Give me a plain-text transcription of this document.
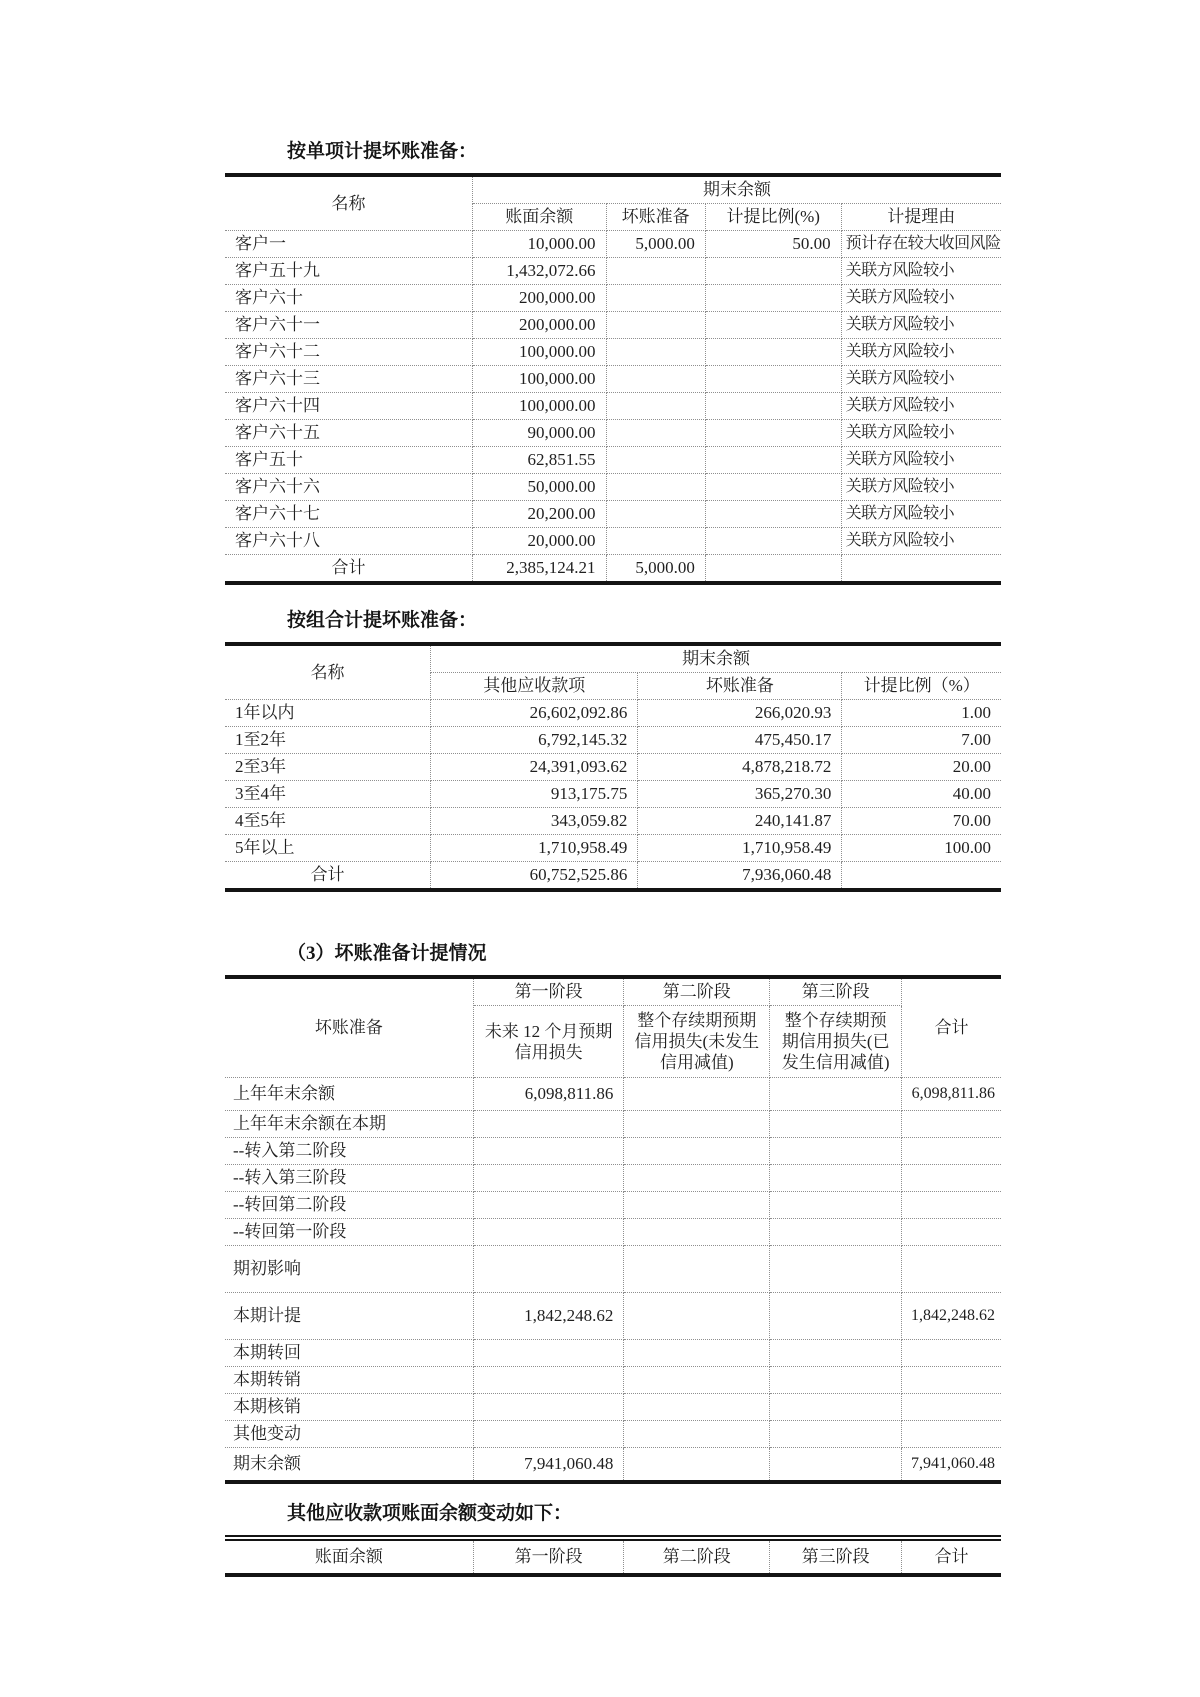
按单项计提坏账准备：
名称	期末余额			
	账面余额	坏账准备	计提比例(%)	计提理由
客户一	10,000.00	5,000.00	50.00	预计存在较大收回风险
客户五十九	1,432,072.66			关联方风险较小
客户六十	200,000.00			关联方风险较小
客户六十一	200,000.00			关联方风险较小
客户六十二	100,000.00			关联方风险较小
客户六十三	100,000.00			关联方风险较小
客户六十四	100,000.00			关联方风险较小
客户六十五	90,000.00			关联方风险较小
客户五十	62,851.55			关联方风险较小
客户六十六	50,000.00			关联方风险较小
客户六十七	20,200.00			关联方风险较小
客户六十八	20,000.00			关联方风险较小
合计	2,385,124.21	5,000.00		
按组合计提坏账准备：
名称	期末余额		
	其他应收款项	坏账准备	计提比例（%）
1年以内	26,602,092.86	266,020.93	1.00
1至2年	6,792,145.32	475,450.17	7.00
2至3年	24,391,093.62	4,878,218.72	20.00
3至4年	913,175.75	365,270.30	40.00
4至5年	343,059.82	240,141.87	70.00
5年以上	1,710,958.49	1,710,958.49	100.00
合计	60,752,525.86	7,936,060.48	
（3）坏账准备计提情况
坏账准备	第一阶段	第二阶段	第三阶段	合计
	未来 12 个月预期信用损失	整个存续期预期信用损失(未发生信用减值)	整个存续期预期信用损失(已发生信用减值)	
上年年末余额	6,098,811.86			6,098,811.86
上年年末余额在本期				
--转入第二阶段				
--转入第三阶段				
--转回第二阶段				
--转回第一阶段				
期初影响				
本期计提	1,842,248.62			1,842,248.62
本期转回				
本期转销				
本期核销				
其他变动				
期末余额	7,941,060.48			7,941,060.48
其他应收款项账面余额变动如下：
账面余额	第一阶段	第二阶段	第三阶段	合计
